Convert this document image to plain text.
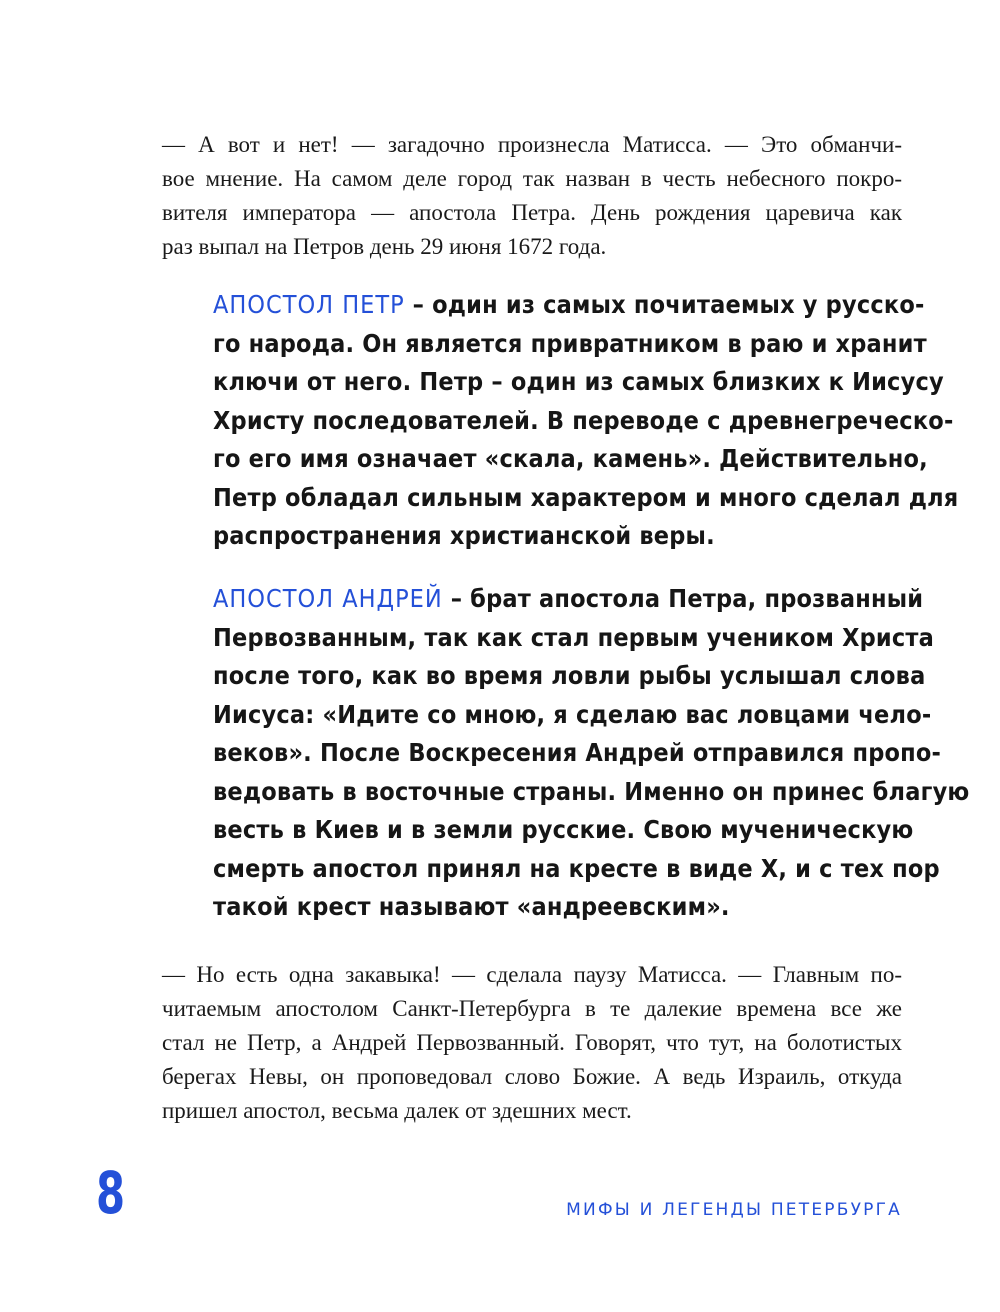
— А вот и нет! — загадочно произнесла Матисса. — Это обманчи-
вое мнение. На самом деле город так назван в честь небесного покро-
вителя императора — апостола Петра. День рождения царевича как
раз выпал на Петров день 29 июня 1672 года.

АПОСТОЛ ПЕТР – один из самых почитаемых у русско-
го народа. Он является привратником в раю и хранит
ключи от него. Петр – один из самых близких к Иисусу
Христу последователей. В переводе с древнегреческо-
го его имя означает «скала, камень». Действительно,
Петр обладал сильным характером и много сделал для
распространения христианской веры.
АПОСТОЛ АНДРЕЙ – брат апостола Петра, прозванный
Первозванным, так как стал первым учеником Христа
после того, как во время ловли рыбы услышал слова
Иисуса: «Идите со мною, я сделаю вас ловцами чело-
веков». После Воскресения Андрей отправился пропо-
ведовать в восточные страны. Именно он принес благую
весть в Киев и в земли русские. Свою мученическую
смерть апостол принял на кресте в виде Х, и с тех пор
такой крест называют «андреевским».

— Но есть одна закавыка! — сделала паузу Матисса. — Главным по-
читаемым апостолом Санкт-Петербурга в те далекие времена все же
стал не Петр, а Андрей Первозванный. Говорят, что тут, на болотистых
берегах Невы, он проповедовал слово Божие. А ведь Израиль, откуда
пришел апостол, весьма далек от здешних мест.

8	МИФЫ И ЛЕГЕНДЫ ПЕТЕРБУРГА
